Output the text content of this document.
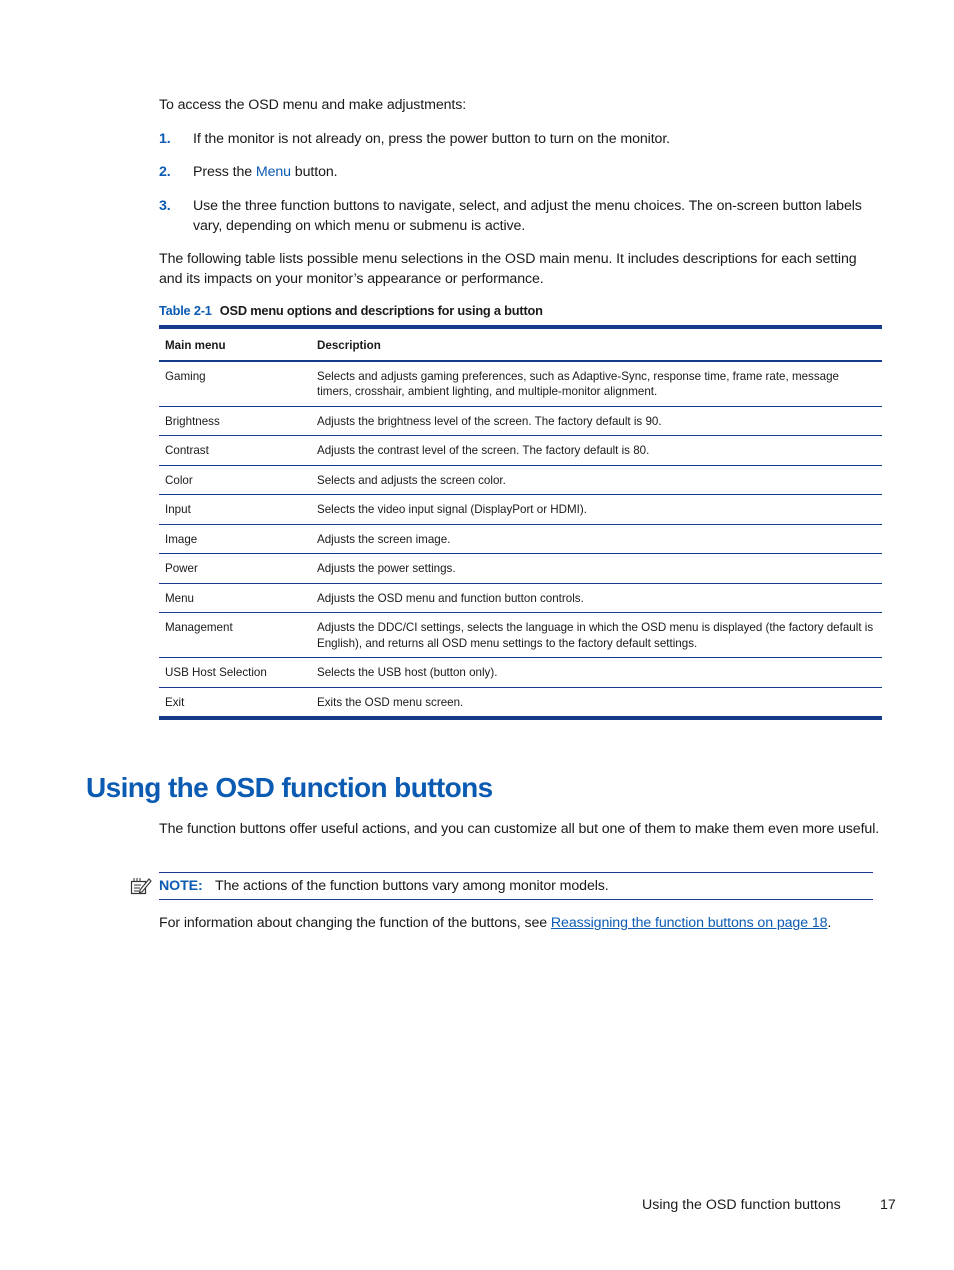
To access the OSD menu and make adjustments:

1. If the monitor is not already on, press the power button to turn on the monitor.
2. Press the Menu button.
3. Use the three function buttons to navigate, select, and adjust the menu choices. The on-screen button labels vary, depending on which menu or submenu is active.

The following table lists possible menu selections in the OSD main menu. It includes descriptions for each setting and its impacts on your monitor’s appearance or performance.

Table 2-1 OSD menu options and descriptions for using a button
Main menu	Description
Gaming	Selects and adjusts gaming preferences, such as Adaptive-Sync, response time, frame rate, message timers, crosshair, ambient lighting, and multiple-monitor alignment.
Brightness	Adjusts the brightness level of the screen. The factory default is 90.
Contrast	Adjusts the contrast level of the screen. The factory default is 80.
Color	Selects and adjusts the screen color.
Input	Selects the video input signal (DisplayPort or HDMI).
Image	Adjusts the screen image.
Power	Adjusts the power settings.
Menu	Adjusts the OSD menu and function button controls.
Management	Adjusts the DDC/CI settings, selects the language in which the OSD menu is displayed (the factory default is English), and returns all OSD menu settings to the factory default settings.
USB Host Selection	Selects the USB host (button only).
Exit	Exits the OSD menu screen.
Using the OSD function buttons

The function buttons offer useful actions, and you can customize all but one of them to make them even more useful.

NOTE: The actions of the function buttons vary among monitor models.

For information about changing the function of the buttons, see Reassigning the function buttons on page 18.

Using the OSD function buttons	17
